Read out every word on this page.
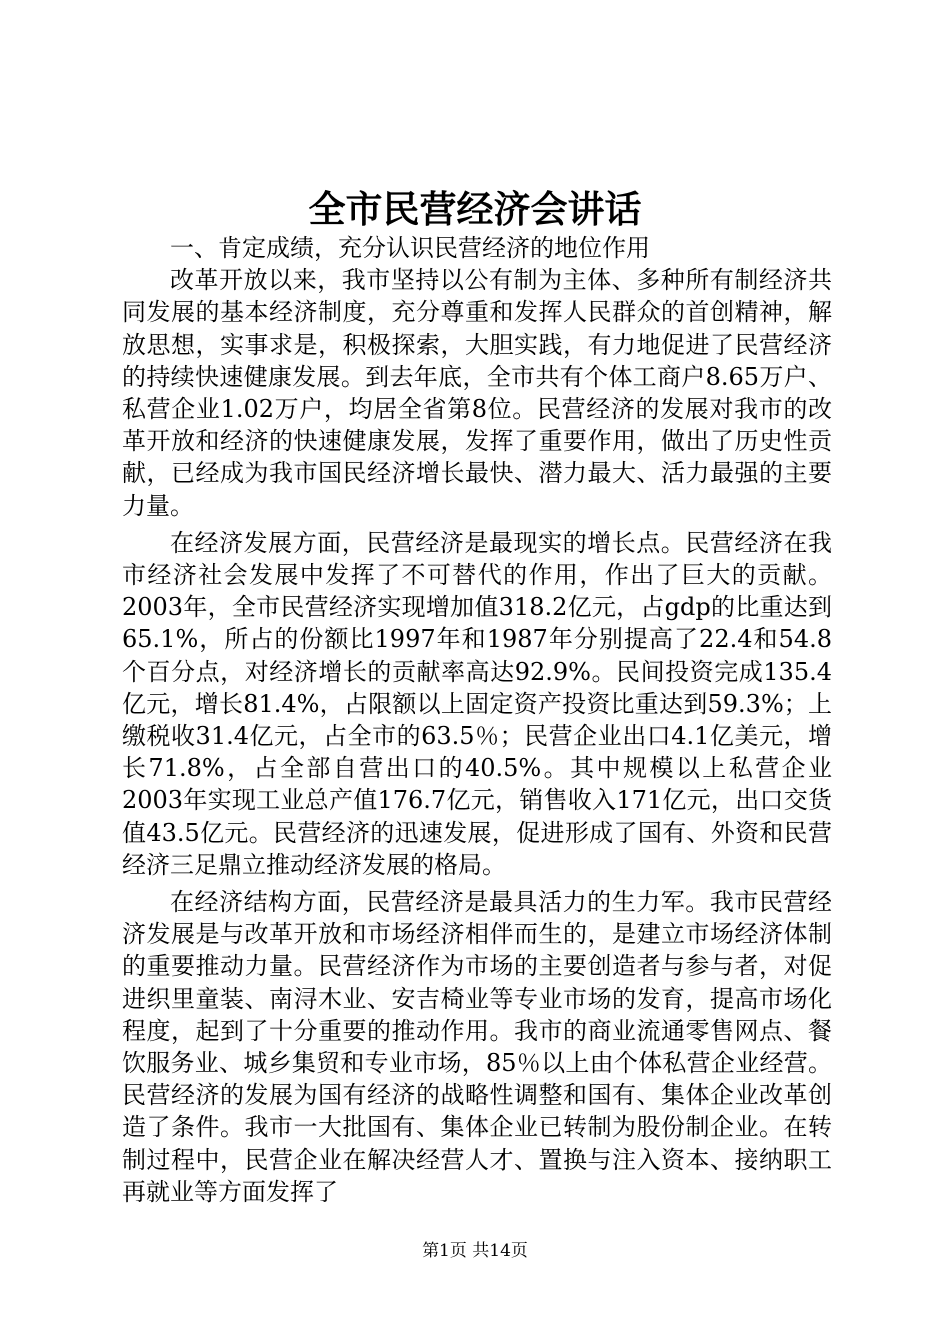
全市民营经济会讲话

一、肯定成绩，充分认识民营经济的地位作用

改革开放以来，我市坚持以公有制为主体、多种所有制经济共同发展的基本经济制度，充分尊重和发挥人民群众的首创精神，解放思想，实事求是，积极探索，大胆实践，有力地促进了民营经济的持续快速健康发展。到去年底，全市共有个体工商户8.65万户、私营企业1.02万户，均居全省第8位。民营经济的发展对我市的改革开放和经济的快速健康发展，发挥了重要作用，做出了历史性贡献，已经成为我市国民经济增长最快、潜力最大、活力最强的主要力量。

在经济发展方面，民营经济是最现实的增长点。民营经济在我市经济社会发展中发挥了不可替代的作用，作出了巨大的贡献。2003年，全市民营经济实现增加值318.2亿元，占gdp的比重达到65.1%，所占的份额比1997年和1987年分别提高了22.4和54.8个百分点，对经济增长的贡献率高达92.9%。民间投资完成135.4亿元，增长81.4%，占限额以上固定资产投资比重达到59.3%；上缴税收31.4亿元，占全市的63.5％；民营企业出口4.1亿美元，增长71.8%，占全部自营出口的40.5%。其中规模以上私营企业2003年实现工业总产值176.7亿元，销售收入171亿元，出口交货值43.5亿元。民营经济的迅速发展，促进形成了国有、外资和民营经济三足鼎立推动经济发展的格局。

在经济结构方面，民营经济是最具活力的生力军。我市民营经济发展是与改革开放和市场经济相伴而生的，是建立市场经济体制的重要推动力量。民营经济作为市场的主要创造者与参与者，对促进织里童装、南浔木业、安吉椅业等专业市场的发育，提高市场化程度，起到了十分重要的推动作用。我市的商业流通零售网点、餐饮服务业、城乡集贸和专业市场，85％以上由个体私营企业经营。民营经济的发展为国有经济的战略性调整和国有、集体企业改革创造了条件。我市一大批国有、集体企业已转制为股份制企业。在转制过程中，民营企业在解决经营人才、置换与注入资本、接纳职工再就业等方面发挥了

第1页 共14页
